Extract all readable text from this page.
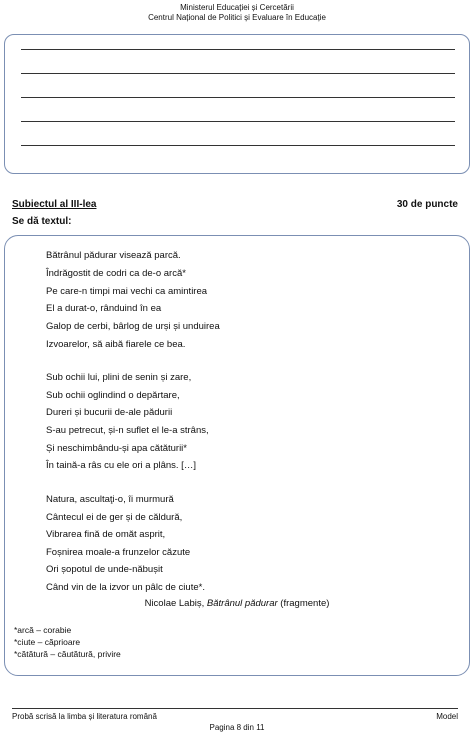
Ministerul Educației și Cercetării
Centrul Național de Politici și Evaluare în Educație
Subiectul al III-lea	30 de puncte
Se dă textul:
Bătrânul pădurar visează parcă.
Îndrăgostit de codri ca de-o arcă*
Pe care-n timpi mai vechi ca amintirea
El a durat-o, rânduind în ea
Galop de cerbi, bârlog de urși și unduirea
Izvoarelor, să aibă fiarele ce bea.
Sub ochii lui, plini de senin și zare,
Sub ochii oglindind o depărtare,
Dureri și bucurii de-ale pădurii
S-au petrecut, și-n suflet el le-a strâns,
Și neschimbându-și apa cătăturii*
În taină-a râs cu ele ori a plâns. […]
Natura, ascultaţi-o, îi murmură
Cântecul ei de ger și de căldură,
Vibrarea fină de omăt asprit,
Foșnirea moale-a frunzelor căzute
Ori șopotul de unde-năbușit
Când vin de la izvor un pâlc de ciute*.
Nicolae Labiș, Bătrânul pădurar (fragmente)
*arcă – corabie
*ciute – căprioare
*cătătură – căutătură, privire
Probă scrisă la limba și literatura română	Model
Pagina 8 din 11
